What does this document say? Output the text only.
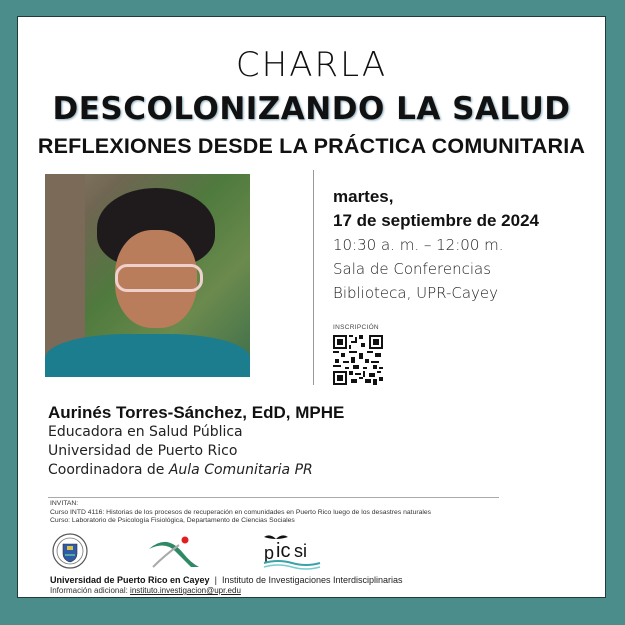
CHARLA
DESCOLONIZANDO LA SALUD
REFLEXIONES DESDE LA PRÁCTICA COMUNITARIA
martes,
17 de septiembre de 2024
10:30 a. m. – 12:00 m.
Sala de Conferencias
Biblioteca, UPR-Cayey
INSCRIPCIÓN
Aurinés Torres-Sánchez, EdD, MPHE
Educadora en Salud Pública
Universidad de Puerto Rico
Coordinadora de Aula Comunitaria PR
INVITAN:
Curso INTD 4116: Historias de los procesos de recuperación en comunidades en Puerto Rico luego de los desastres naturales
Curso: Laboratorio de Psicología Fisiológica, Departamento de Ciencias Sociales
p ic si
Universidad de Puerto Rico en Cayey | Instituto de Investigaciones Interdisciplinarias
Información adicional: instituto.investigacion@upr.edu
